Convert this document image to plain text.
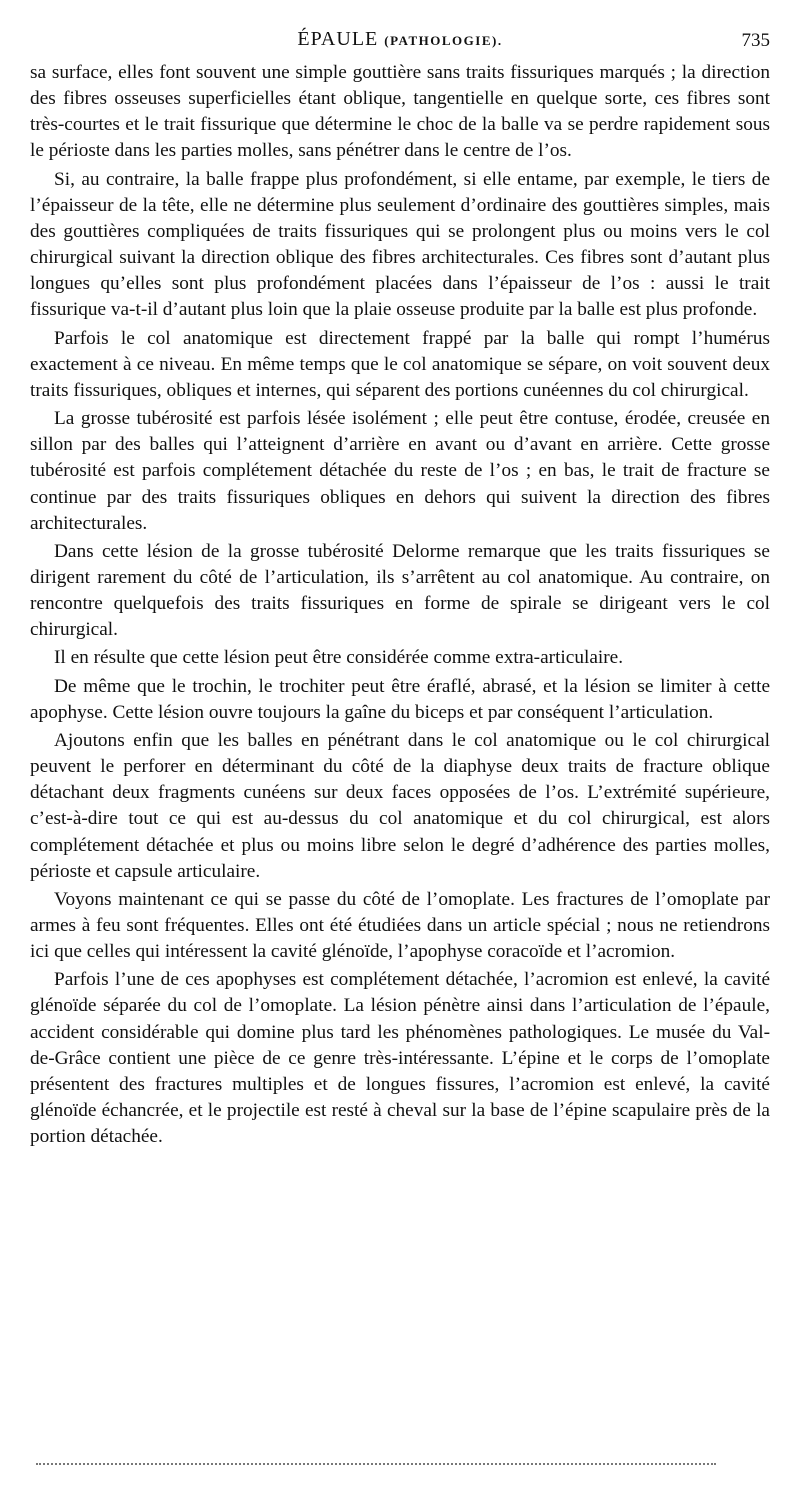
ÉPAULE (PATHOLOGIE).	735

sa surface, elles font souvent une simple gouttière sans traits fissuriques marqués ; la direction des fibres osseuses superficielles étant oblique, tangentielle en quelque sorte, ces fibres sont très-courtes et le trait fissurique que détermine le choc de la balle va se perdre rapidement sous le périoste dans les parties molles, sans pénétrer dans le centre de l’os.

Si, au contraire, la balle frappe plus profondément, si elle entame, par exemple, le tiers de l’épaisseur de la tête, elle ne détermine plus seulement d’ordinaire des gouttières simples, mais des gouttières compliquées de traits fissuriques qui se prolongent plus ou moins vers le col chirurgical suivant la direction oblique des fibres architecturales. Ces fibres sont d’autant plus longues qu’elles sont plus profondément placées dans l’épaisseur de l’os : aussi le trait fissurique va-t-il d’autant plus loin que la plaie osseuse produite par la balle est plus profonde.

Parfois le col anatomique est directement frappé par la balle qui rompt l’humérus exactement à ce niveau. En même temps que le col anatomique se sépare, on voit souvent deux traits fissuriques, obliques et internes, qui séparent des portions cunéennes du col chirurgical.

La grosse tubérosité est parfois lésée isolément ; elle peut être contuse, érodée, creusée en sillon par des balles qui l’atteignent d’arrière en avant ou d’avant en arrière. Cette grosse tubérosité est parfois complétement détachée du reste de l’os ; en bas, le trait de fracture se continue par des traits fissuriques obliques en dehors qui suivent la direction des fibres architecturales.

Dans cette lésion de la grosse tubérosité Delorme remarque que les traits fissuriques se dirigent rarement du côté de l’articulation, ils s’arrêtent au col anatomique. Au contraire, on rencontre quelquefois des traits fissuriques en forme de spirale se dirigeant vers le col chirurgical.

Il en résulte que cette lésion peut être considérée comme extra-articulaire.

De même que le trochin, le trochiter peut être éraflé, abrasé, et la lésion se limiter à cette apophyse. Cette lésion ouvre toujours la gaîne du biceps et par conséquent l’articulation.

Ajoutons enfin que les balles en pénétrant dans le col anatomique ou le col chirurgical peuvent le perforer en déterminant du côté de la diaphyse deux traits de fracture oblique détachant deux fragments cunéens sur deux faces opposées de l’os. L’extrémité supérieure, c’est-à-dire tout ce qui est au-dessus du col anatomique et du col chirurgical, est alors complétement détachée et plus ou moins libre selon le degré d’adhérence des parties molles, périoste et capsule articulaire.

Voyons maintenant ce qui se passe du côté de l’omoplate. Les fractures de l’omoplate par armes à feu sont fréquentes. Elles ont été étudiées dans un article spécial ; nous ne retiendrons ici que celles qui intéressent la cavité glénoïde, l’apophyse coracoïde et l’acromion.

Parfois l’une de ces apophyses est complétement détachée, l’acromion est enlevé, la cavité glénoïde séparée du col de l’omoplate. La lésion pénètre ainsi dans l’articulation de l’épaule, accident considérable qui domine plus tard les phénomènes pathologiques. Le musée du Val-de-Grâce contient une pièce de ce genre très-intéressante. L’épine et le corps de l’omoplate présentent des fractures multiples et de longues fissures, l’acromion est enlevé, la cavité glénoïde échancrée, et le projectile est resté à cheval sur la base de l’épine scapulaire près de la portion détachée.
